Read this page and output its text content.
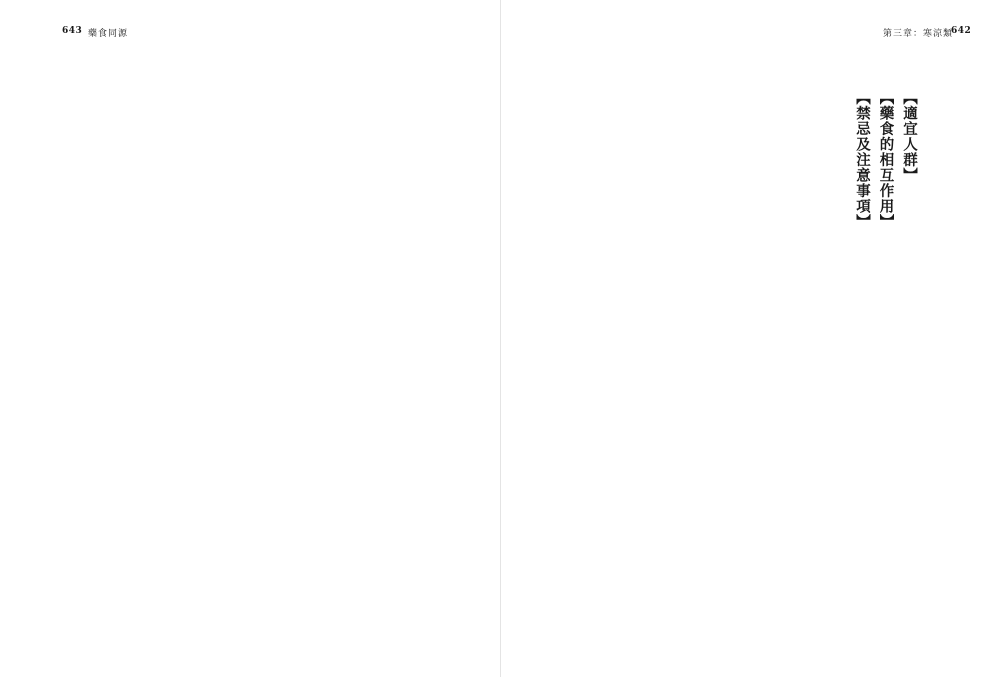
643 藥食同源	第三章：寒涼類
642
【適宜人群】
【藥食的相互作用】
【禁忌及注意事項】
